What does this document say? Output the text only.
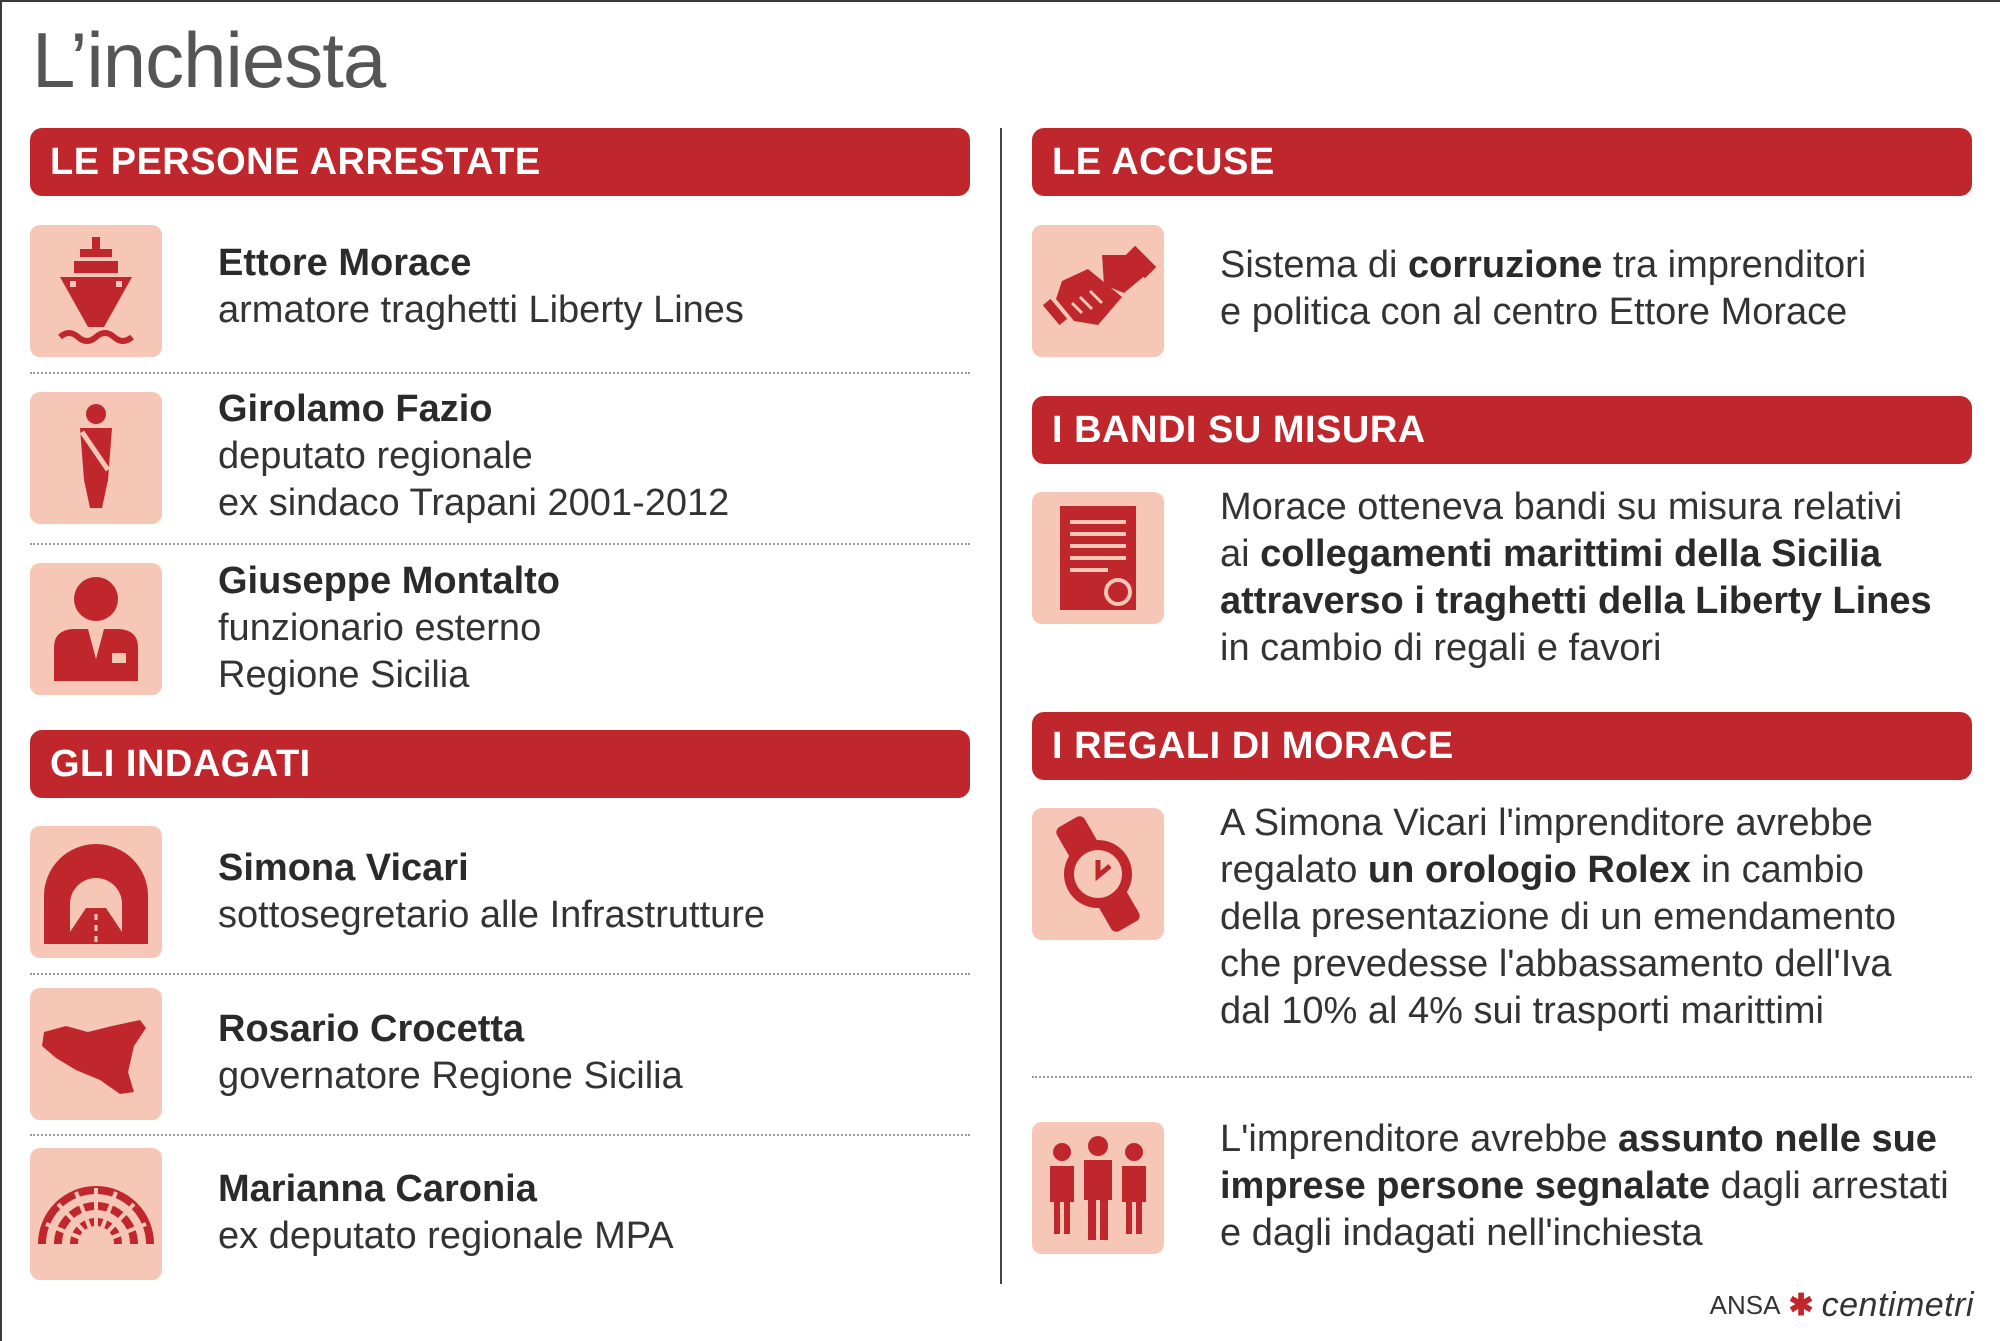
L’inchiesta
LE PERSONE ARRESTATE
Ettore Morace
armatore traghetti Liberty Lines
Girolamo Fazio
deputato regionale
ex sindaco Trapani 2001-2012
Giuseppe Montalto
funzionario esterno
Regione Sicilia
GLI INDAGATI
Simona Vicari
sottosegretario alle Infrastrutture
Rosario Crocetta
governatore Regione Sicilia
Marianna Caronia
ex deputato regionale MPA
LE ACCUSE
Sistema di corruzione tra imprenditori
e politica con al centro Ettore Morace
I BANDI SU MISURA
Morace otteneva bandi su misura relativi
ai collegamenti marittimi della Sicilia
attraverso i traghetti della Liberty Lines
in cambio di regali e favori
I REGALI DI MORACE
A Simona Vicari l'imprenditore avrebbe
regalato un orologio Rolex in cambio
della presentazione di un emendamento
che prevedesse l'abbassamento dell'Iva
dal 10% al 4% sui trasporti marittimi
L'imprenditore avrebbe assunto nelle sue
imprese persone segnalate dagli arrestati
e dagli indagati nell'inchiesta
ANSA ✱ centimetri
